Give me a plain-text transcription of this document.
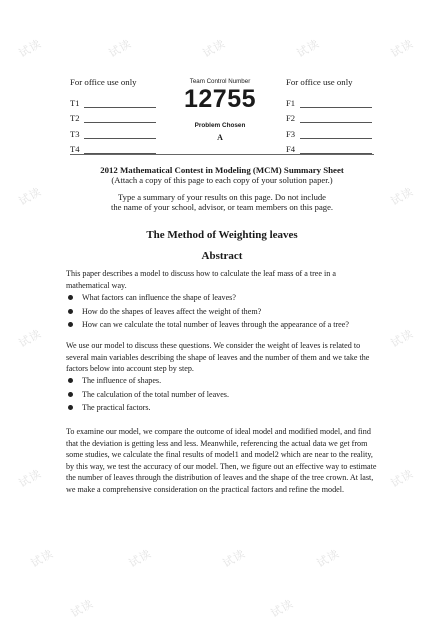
试读	试读	试读	试读	试读
试读	试读
试读	试读
试读	试读
试读	试读	试读	试读
试读	试读
For office use only
T1
T2
T3
T4
Team Control Number
12755
Problem Chosen
A
For office use only
F1
F2
F3
F4
2012 Mathematical Contest in Modeling (MCM) Summary Sheet
(Attach a copy of this page to each copy of your solution paper.)
Type a summary of your results on this page. Do not include
the name of your school, advisor, or team members on this page.
The Method of Weighting leaves
Abstract
This paper describes a model to discuss how to calculate the leaf mass of a tree in a mathematical way.
What factors can influence the shape of leaves?
How do the shapes of leaves affect the weight of them?
How can we calculate the total number of leaves through the appearance of a tree?
We use our model to discuss these questions. We consider the weight of leaves is related to several main variables describing the shape of leaves and the number of them and we take the factors below into account step by step.
The influence of shapes.
The calculation of the total number of leaves.
The practical factors.
To examine our model, we compare the outcome of ideal model and modified model, and find that the deviation is getting less and less. Meanwhile, referencing the actual data we get from some studies, we calculate the final results of model1 and model2 which are near to the reality, by this way, we test the accuracy of our model. Then, we figure out an effective way to estimate the number of leaves through the distribution of leaves and the shape of the tree crown. At last, we make a comprehensive consideration on the practical factors and refine the model.
